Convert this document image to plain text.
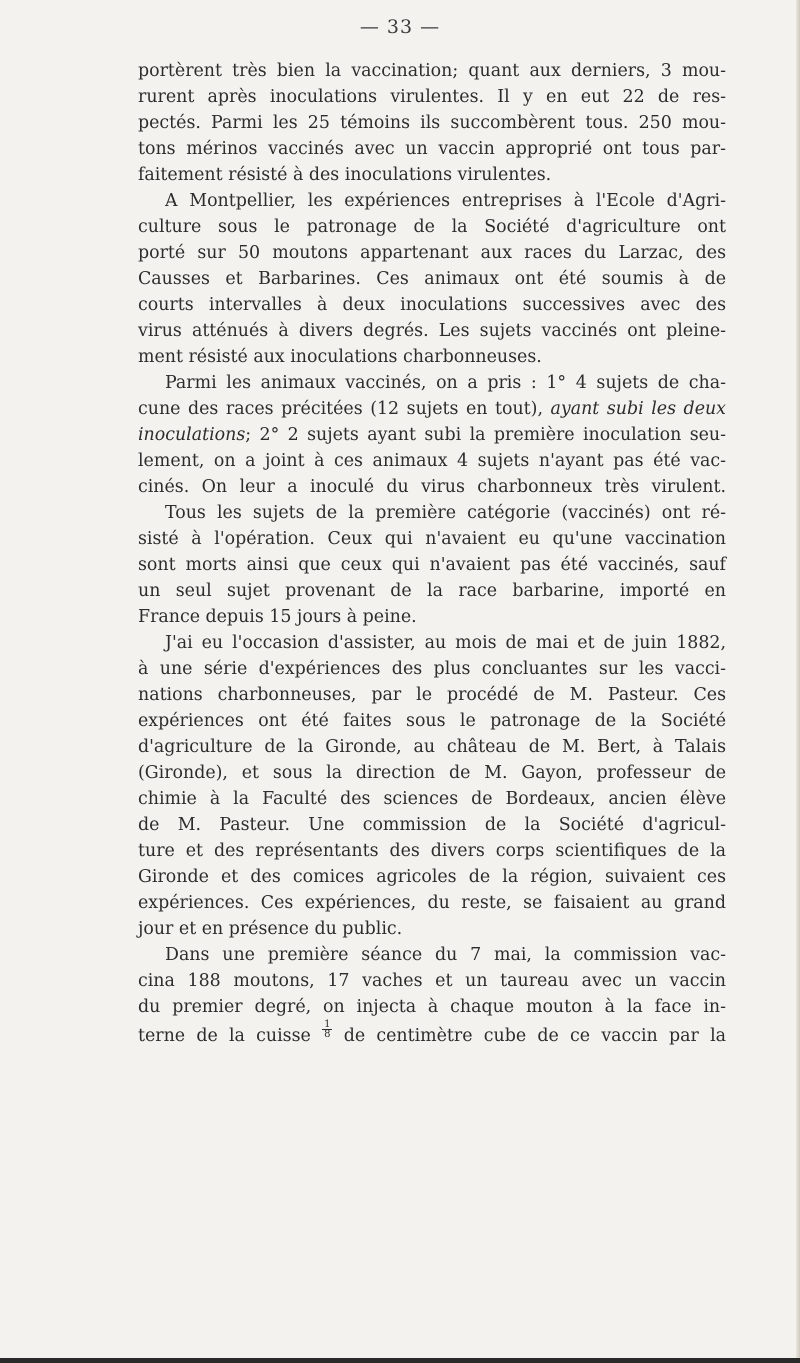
— 33 —
portèrent très bien la vaccination; quant aux derniers, 3 mou-
rurent après inoculations virulentes. Il y en eut 22 de res-
pectés. Parmi les 25 témoins ils succombèrent tous. 250 mou-
tons mérinos vaccinés avec un vaccin approprié ont tous par-
faitement résisté à des inoculations virulentes.
A Montpellier, les expériences entreprises à l'Ecole d'Agri-
culture sous le patronage de la Société d'agriculture ont
porté sur 50 moutons appartenant aux races du Larzac, des
Causses et Barbarines. Ces animaux ont été soumis à de
courts intervalles à deux inoculations successives avec des
virus atténués à divers degrés. Les sujets vaccinés ont pleine-
ment résisté aux inoculations charbonneuses.
Parmi les animaux vaccinés, on a pris : 1° 4 sujets de cha-
cune des races précitées (12 sujets en tout), ayant subi les deux
inoculations; 2° 2 sujets ayant subi la première inoculation seu-
lement, on a joint à ces animaux 4 sujets n'ayant pas été vac-
cinés. On leur a inoculé du virus charbonneux très virulent.
Tous les sujets de la première catégorie (vaccinés) ont ré-
sisté à l'opération. Ceux qui n'avaient eu qu'une vaccination
sont morts ainsi que ceux qui n'avaient pas été vaccinés, sauf
un seul sujet provenant de la race barbarine, importé en
France depuis 15 jours à peine.
J'ai eu l'occasion d'assister, au mois de mai et de juin 1882,
à une série d'expériences des plus concluantes sur les vacci-
nations charbonneuses, par le procédé de M. Pasteur. Ces
expériences ont été faites sous le patronage de la Société
d'agriculture de la Gironde, au château de M. Bert, à Talais
(Gironde), et sous la direction de M. Gayon, professeur de
chimie à la Faculté des sciences de Bordeaux, ancien élève
de M. Pasteur. Une commission de la Société d'agricul-
ture et des représentants des divers corps scientifiques de la
Gironde et des comices agricoles de la région, suivaient ces
expériences. Ces expériences, du reste, se faisaient au grand
jour et en présence du public.
Dans une première séance du 7 mai, la commission vac-
cina 188 moutons, 17 vaches et un taureau avec un vaccin
du premier degré, on injecta à chaque mouton à la face in-
terne de la cuisse $\frac{1}{8}$ de centimètre cube de ce vaccin par la
